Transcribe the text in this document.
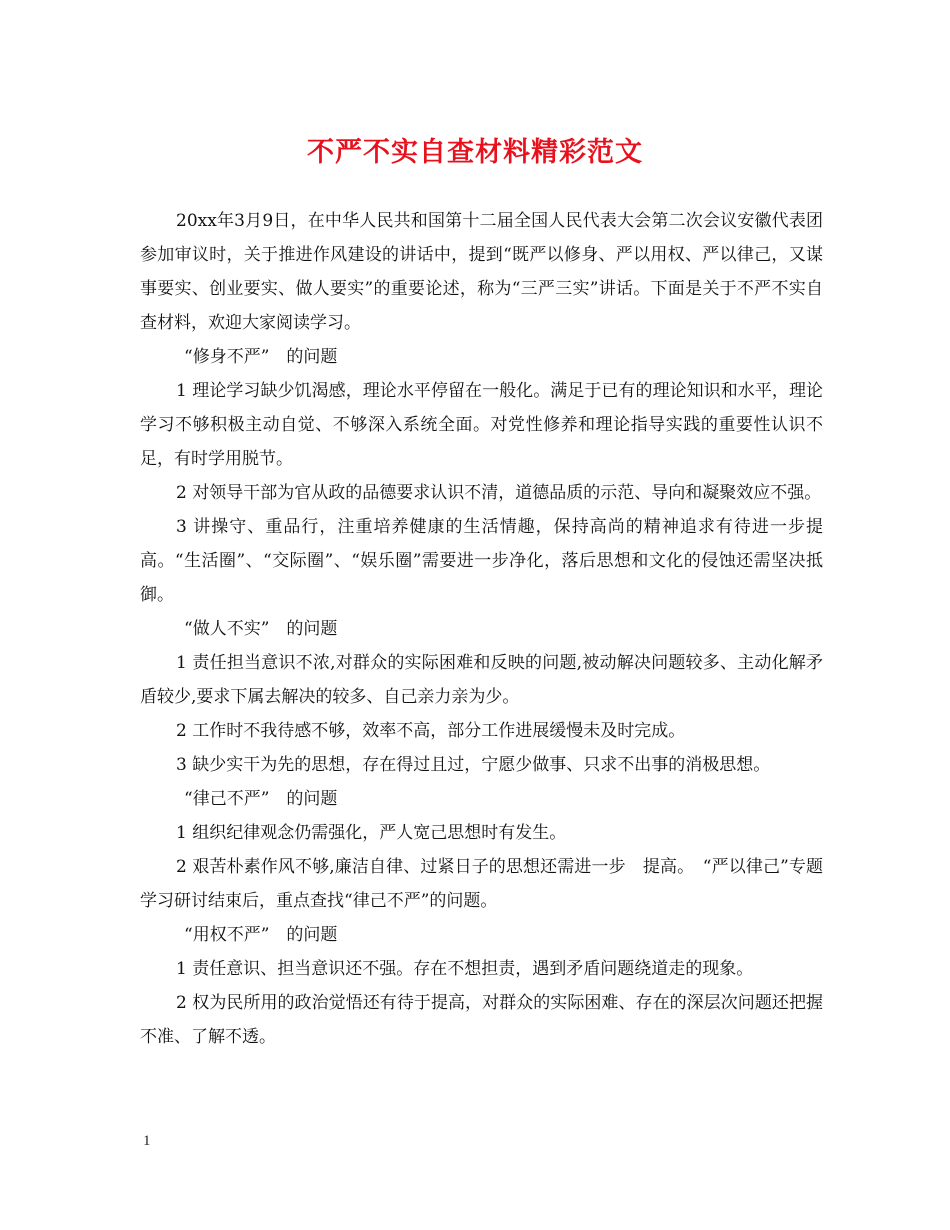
不严不实自查材料精彩范文

20xx年3月9日，在中华人民共和国第十二届全国人民代表大会第二次会议安徽代表团参加审议时，关于推进作风建设的讲话中，提到“既严以修身、严以用权、严以律己，又谋事要实、创业要实、做人要实”的重要论述，称为“三严三实”讲话。下面是关于不严不实自查材料，欢迎大家阅读学习。

“修身不严”　的问题

1 理论学习缺少饥渴感，理论水平停留在一般化。满足于已有的理论知识和水平，理论学习不够积极主动自觉、不够深入系统全面。对党性修养和理论指导实践的重要性认识不足，有时学用脱节。

2 对领导干部为官从政的品德要求认识不清，道德品质的示范、导向和凝聚效应不强。

3 讲操守、重品行，注重培养健康的生活情趣，保持高尚的精神追求有待进一步提高。“生活圈”、“交际圈”、“娱乐圈”需要进一步净化，落后思想和文化的侵蚀还需坚决抵御。

“做人不实”　的问题

1 责任担当意识不浓,对群众的实际困难和反映的问题,被动解决问题较多、主动化解矛盾较少,要求下属去解决的较多、自己亲力亲为少。

2 工作时不我待感不够，效率不高，部分工作进展缓慢未及时完成。

3 缺少实干为先的思想，存在得过且过，宁愿少做事、只求不出事的消极思想。

“律己不严”　的问题

1 组织纪律观念仍需强化，严人宽己思想时有发生。

2 艰苦朴素作风不够,廉洁自律、过紧日子的思想还需进一步　提高。　“严以律己”专题学习研讨结束后，重点查找“律己不严”的问题。

“用权不严”　的问题

1 责任意识、担当意识还不强。存在不想担责，遇到矛盾问题绕道走的现象。

2 权为民所用的政治觉悟还有待于提高，对群众的实际困难、存在的深层次问题还把握不准、了解不透。

1
